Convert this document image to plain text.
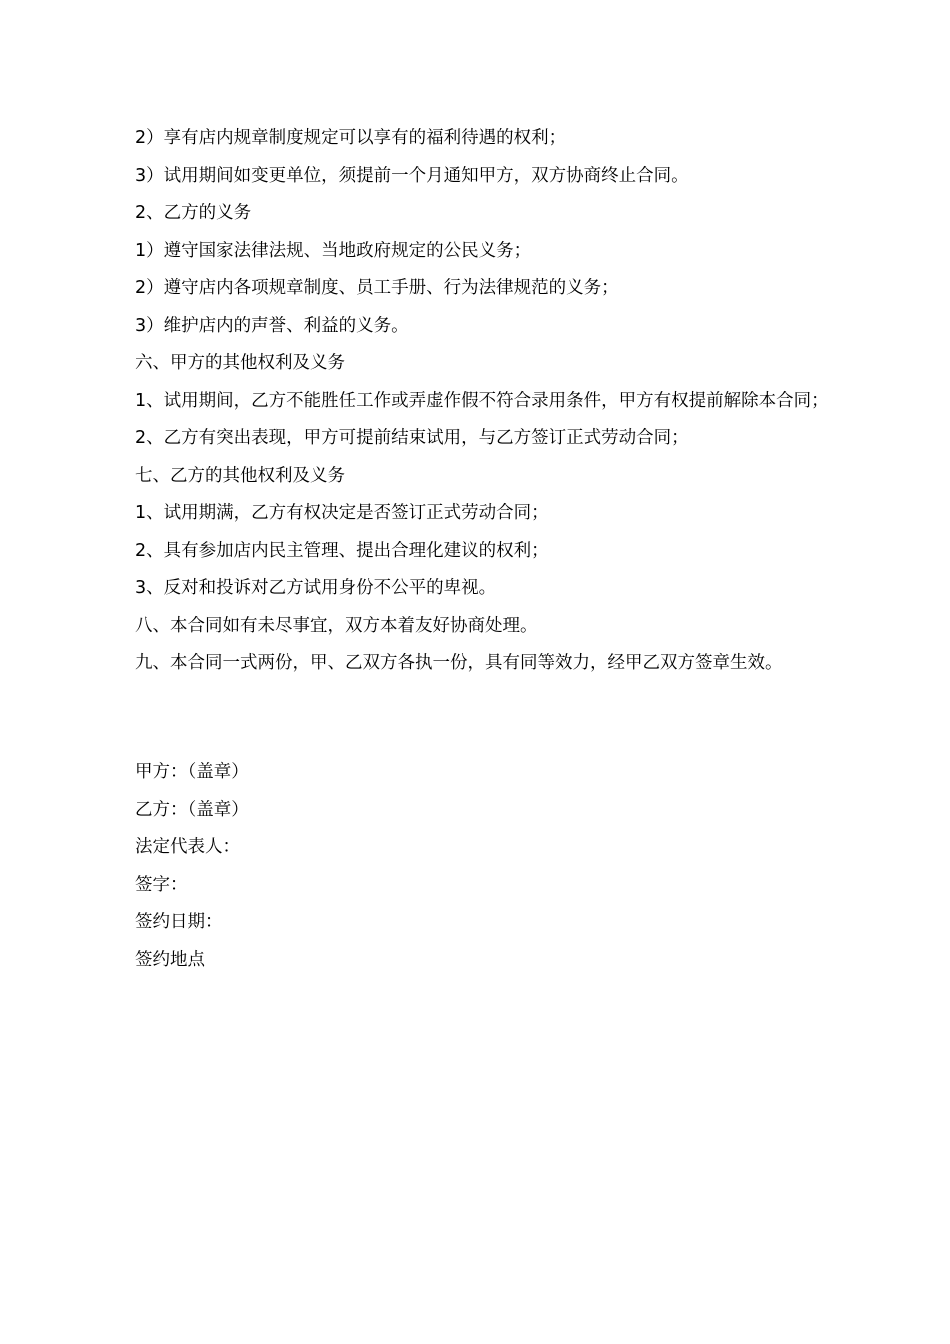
2）享有店内规章制度规定可以享有的福利待遇的权利；

3）试用期间如变更单位，须提前一个月通知甲方，双方协商终止合同。

2、乙方的义务

1）遵守国家法律法规、当地政府规定的公民义务；

2）遵守店内各项规章制度、员工手册、行为法律规范的义务；

3）维护店内的声誉、利益的义务。

六、甲方的其他权利及义务

1、试用期间，乙方不能胜任工作或弄虚作假不符合录用条件，甲方有权提前解除本合同；

2、乙方有突出表现，甲方可提前结束试用，与乙方签订正式劳动合同；

七、乙方的其他权利及义务

1、试用期满，乙方有权决定是否签订正式劳动合同；

2、具有参加店内民主管理、提出合理化建议的权利；

3、反对和投诉对乙方试用身份不公平的卑视。

八、本合同如有未尽事宜，双方本着友好协商处理。

九、本合同一式两份，甲、乙双方各执一份，具有同等效力，经甲乙双方签章生效。

甲方：（盖章）

乙方：（盖章）

法定代表人：

签字：

签约日期：

签约地点
